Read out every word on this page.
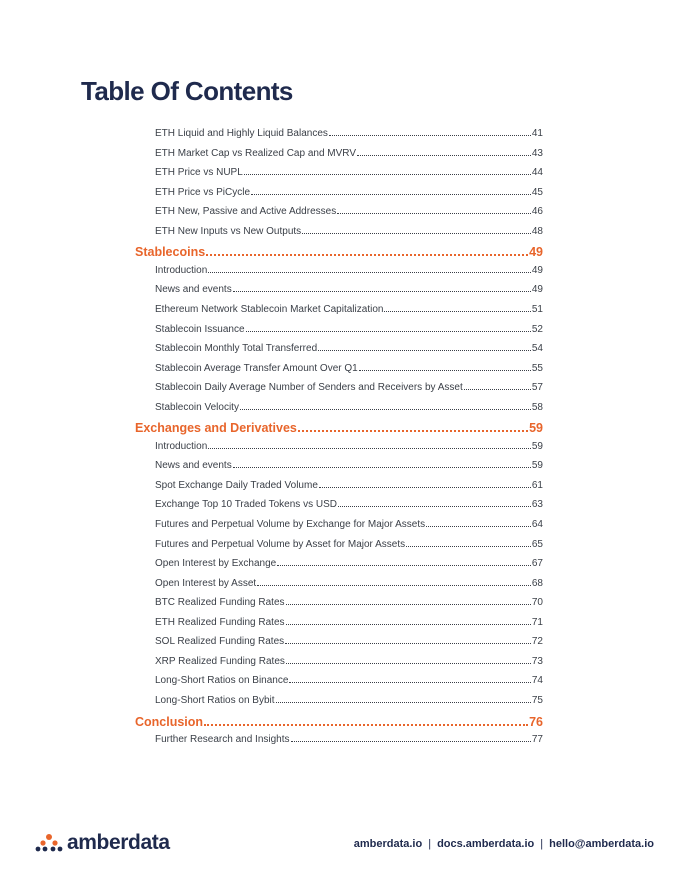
Table Of Contents
ETH Liquid and Highly Liquid Balances	41
ETH Market Cap vs Realized Cap and MVRV	43
ETH Price vs NUPL	44
ETH Price vs PiCycle	45
ETH New, Passive and Active Addresses	46
ETH New Inputs vs New Outputs	48
Stablecoins	49
Introduction	49
News and events	49
Ethereum Network Stablecoin Market Capitalization	51
Stablecoin Issuance	52
Stablecoin Monthly Total Transferred	54
Stablecoin Average Transfer Amount Over Q1	55
Stablecoin Daily Average Number of Senders and Receivers by Asset	57
Stablecoin Velocity	58
Exchanges and Derivatives	59
Introduction	59
News and events	59
Spot Exchange Daily Traded Volume	61
Exchange Top 10 Traded Tokens vs USD	63
Futures and Perpetual Volume by Exchange for Major Assets	64
Futures and Perpetual Volume by Asset for Major Assets	65
Open Interest by Exchange	67
Open Interest by Asset	68
BTC Realized Funding Rates	70
ETH Realized Funding Rates	71
SOL Realized Funding Rates	72
XRP Realized Funding Rates	73
Long-Short Ratios on Binance	74
Long-Short Ratios on Bybit	75
Conclusion	76
Further Research and Insights	77
amberdata	amberdata.io | docs.amberdata.io | hello@amberdata.io
